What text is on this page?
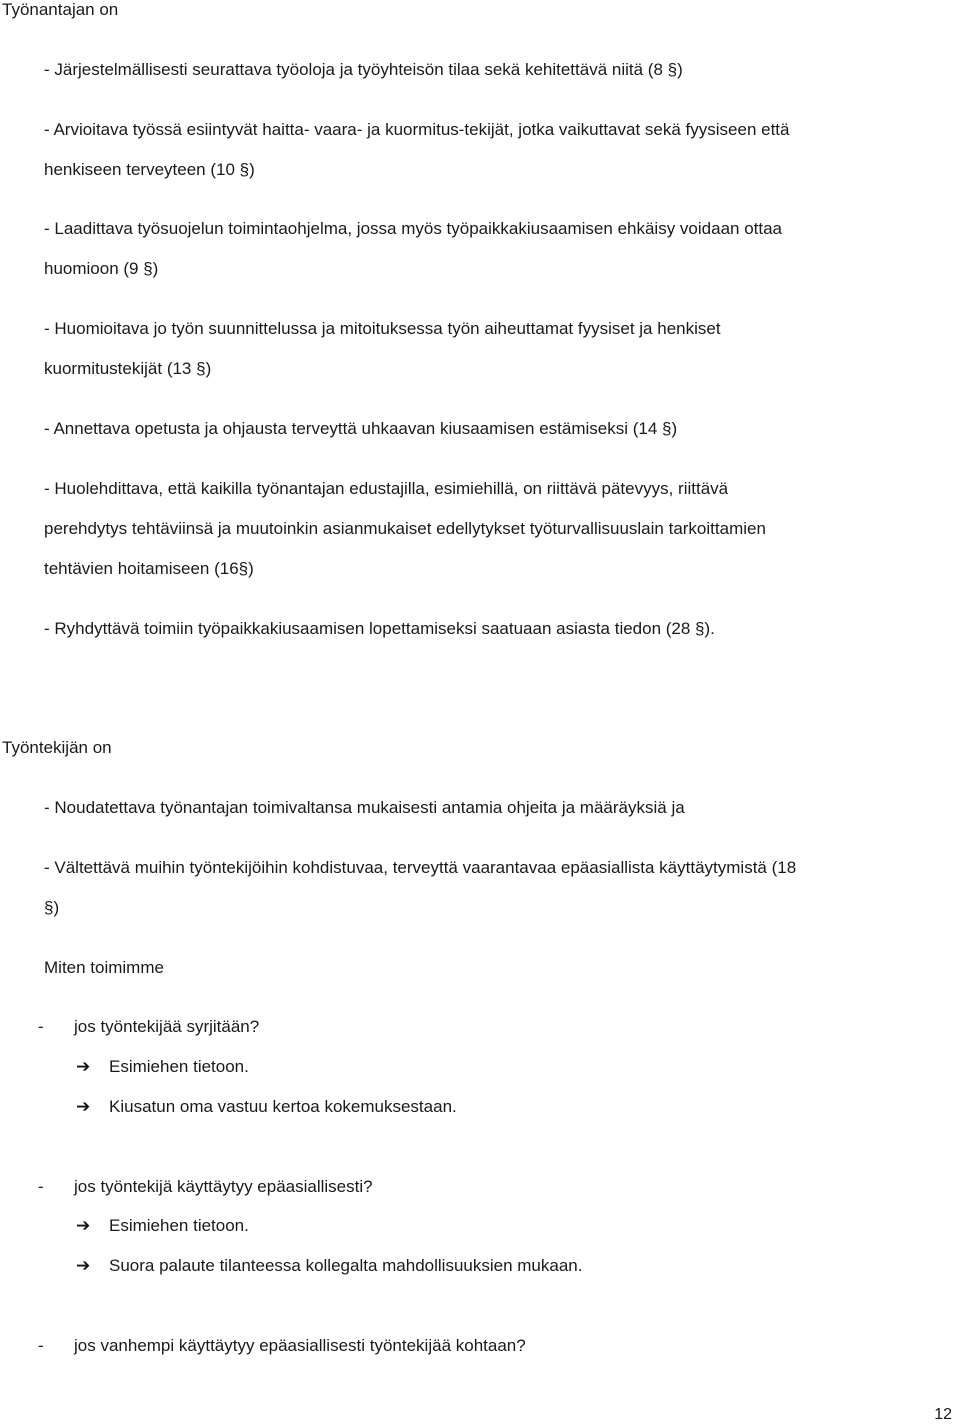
Työnantajan on
- Järjestelmällisesti seurattava työoloja ja työyhteisön tilaa sekä kehitettävä niitä (8 §)
- Arvioitava työssä esiintyvät haitta- vaara- ja kuormitus-tekijät, jotka vaikuttavat sekä fyysiseen että
henkiseen terveyteen (10 §)
- Laadittava työsuojelun toimintaohjelma, jossa myös työpaikkakiusaamisen ehkäisy voidaan ottaa
huomioon (9 §)
- Huomioitava jo työn suunnittelussa ja mitoituksessa työn aiheuttamat fyysiset ja henkiset
kuormitustekijät (13 §)
- Annettava opetusta ja ohjausta terveyttä uhkaavan kiusaamisen estämiseksi (14 §)
- Huolehdittava, että kaikilla työnantajan edustajilla, esimiehillä, on riittävä pätevyys, riittävä
perehdytys tehtäviinsä ja muutoinkin asianmukaiset edellytykset työturvallisuuslain tarkoittamien
tehtävien hoitamiseen (16§)
- Ryhdyttävä toimiin työpaikkakiusaamisen lopettamiseksi saatuaan asiasta tiedon (28 §).
Työntekijän on
- Noudatettava työnantajan toimivaltansa mukaisesti antamia ohjeita ja määräyksiä ja
- Vältettävä muihin työntekijöihin kohdistuvaa, terveyttä vaarantavaa epäasiallista käyttäytymistä (18
§)
Miten toimimme
- jos työntekijää syrjitään?
➔ Esimiehen tietoon.
➔ Kiusatun oma vastuu kertoa kokemuksestaan.
- jos työntekijä käyttäytyy epäasiallisesti?
➔ Esimiehen tietoon.
➔ Suora palaute tilanteessa kollegalta mahdollisuuksien mukaan.
- jos vanhempi käyttäytyy epäasiallisesti työntekijää kohtaan?
12
